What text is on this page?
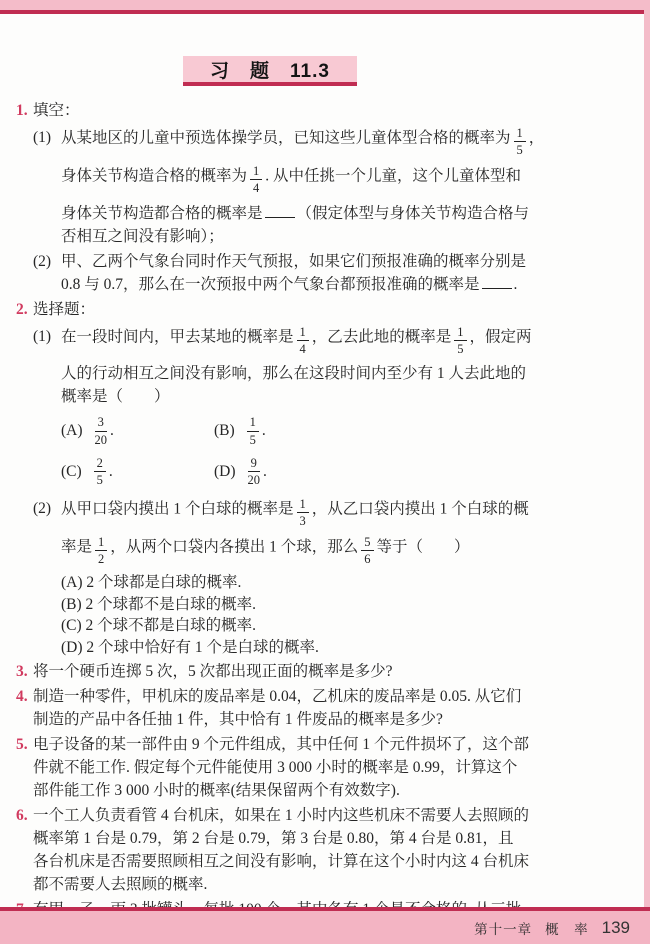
习　题　11.3
1. 填空：
(1) 从某地区的儿童中预选体操学员，已知这些儿童体型合格的概率为 $\frac{1}{5}$ ，
身体关节构造合格的概率为 $\frac{1}{4}$ . 从中任挑一个儿童，这个儿童体型和
身体关节构造都合格的概率是 （假定体型与身体关节构造合格与
否相互之间没有影响）；
(2) 甲、乙两个气象台同时作天气预报，如果它们预报准确的概率分别是
0.8 与 0.7，那么在一次预报中两个气象台都预报准确的概率是 .
2. 选择题：
(1) 在一段时间内，甲去某地的概率是 $\frac{1}{4}$ ，乙去此地的概率是 $\frac{1}{5}$ ，假定两
人的行动相互之间没有影响，那么在这段时间内至少有 1 人去此地的
概率是（　　）
$(A) \frac{3}{20}$ .	$(B) \frac{1}{5}$ .
$(C) \frac{2}{5}$ .	$(D) \frac{9}{20}$ .
(2) 从甲口袋内摸出 1 个白球的概率是 $\frac{1}{3}$ ，从乙口袋内摸出 1 个白球的概
率是 $\frac{1}{2}$ ，从两个口袋内各摸出 1 个球，那么 $\frac{5}{6}$ 等于（　　）
(A) 2 个球都是白球的概率.
(B) 2 个球都不是白球的概率.
(C) 2 个球不都是白球的概率.
(D) 2 个球中恰好有 1 个是白球的概率.
3. 将一个硬币连掷 5 次，5 次都出现正面的概率是多少?
4. 制造一种零件，甲机床的废品率是 0.04，乙机床的废品率是 0.05. 从它们
制造的产品中各任抽 1 件，其中恰有 1 件废品的概率是多少?
5. 电子设备的某一部件由 9 个元件组成，其中任何 1 个元件损坏了，这个部
件就不能工作. 假定每个元件能使用 3 000 小时的概率是 0.99，计算这个
部件能工作 3 000 小时的概率(结果保留两个有效数字).
6. 一个工人负责看管 4 台机床，如果在 1 小时内这些机床不需要人去照顾的
概率第 1 台是 0.79，第 2 台是 0.79，第 3 台是 0.80，第 4 台是 0.81，且
各台机床是否需要照顾相互之间没有影响，计算在这个小时内这 4 台机床
都不需要人去照顾的概率.
第十一章 概　率 139
